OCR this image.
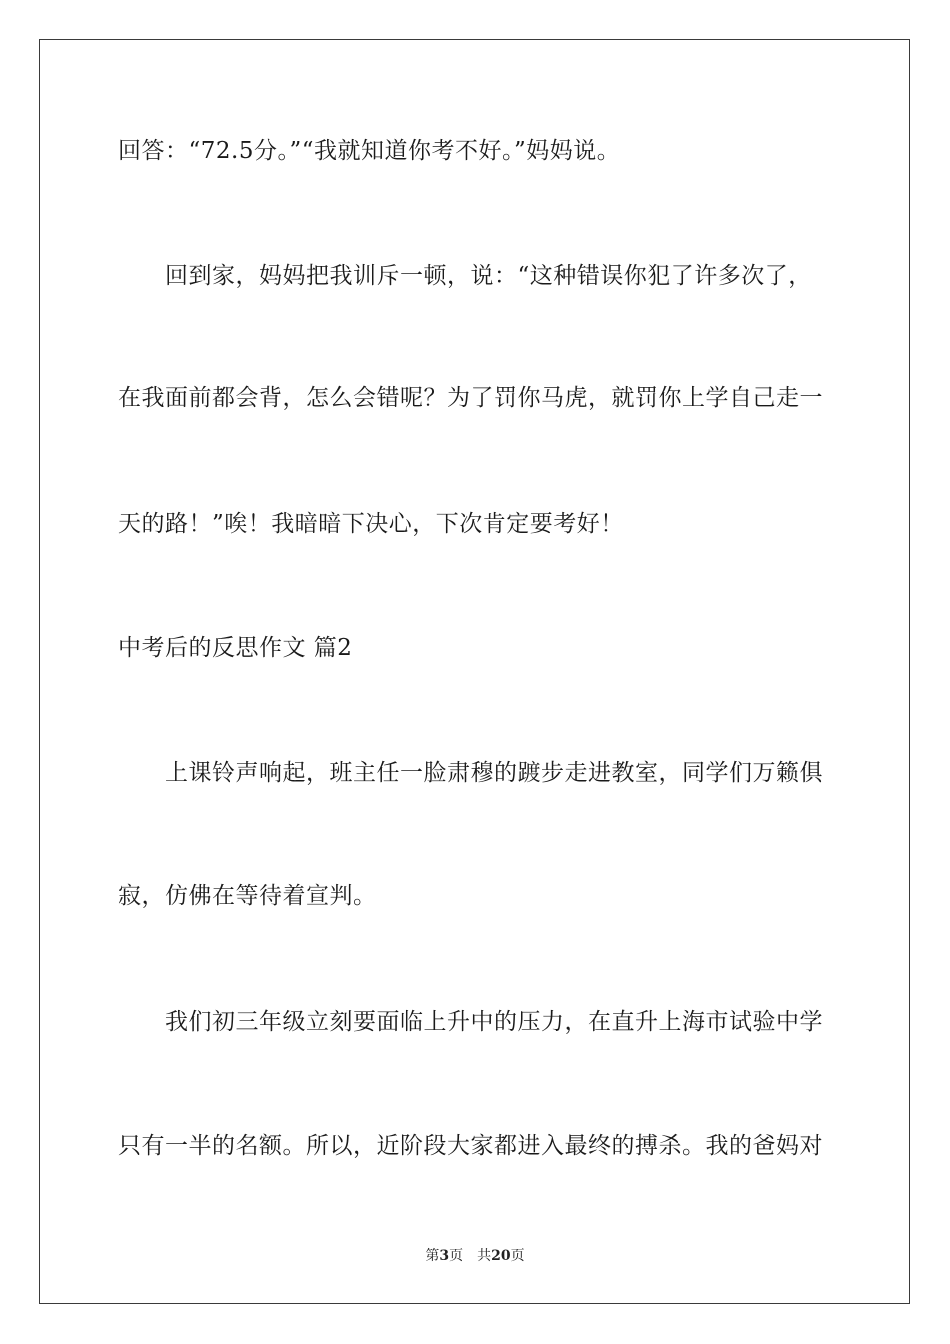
回答：“72.5分。”“我就知道你考不好。”妈妈说。
回到家，妈妈把我训斥一顿，说：“这种错误你犯了许多次了，
在我面前都会背，怎么会错呢？为了罚你马虎，就罚你上学自己走一
天的路！”唉！我暗暗下决心，下次肯定要考好！
中考后的反思作文 篇2
上课铃声响起，班主任一脸肃穆的踱步走进教室，同学们万籁俱
寂，仿佛在等待着宣判。
我们初三年级立刻要面临上升中的压力，在直升上海市试验中学
只有一半的名额。所以，近阶段大家都进入最终的搏杀。我的爸妈对
第3页 共20页
